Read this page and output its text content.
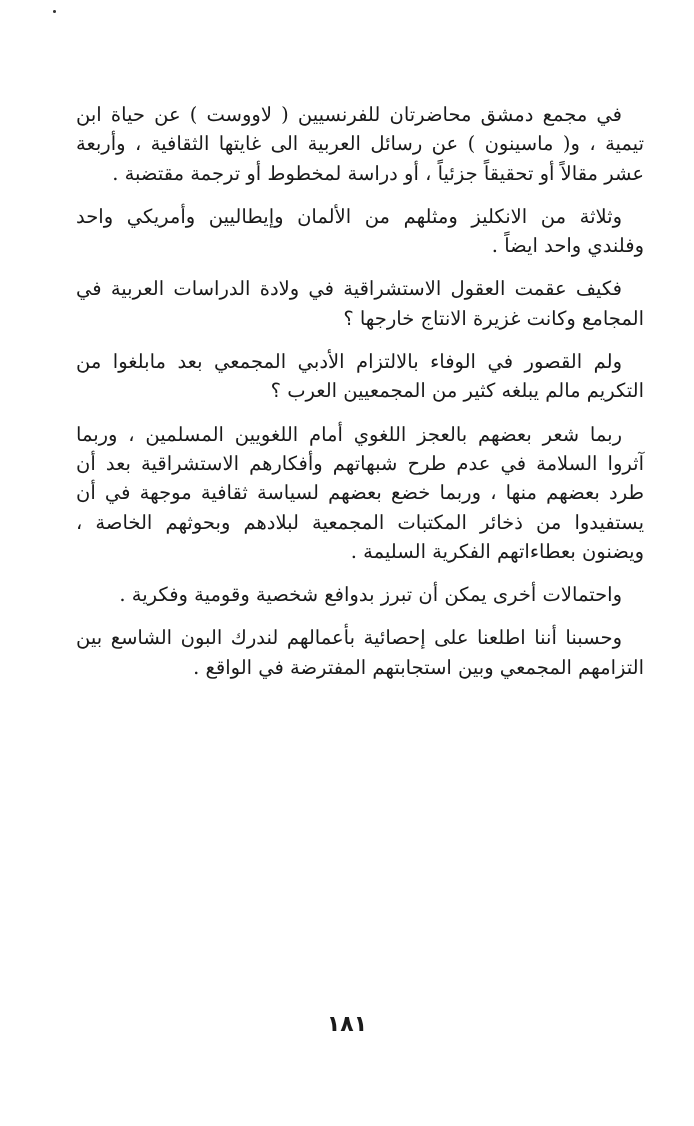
في مجمع دمشق محاضرتان للفرنسيين ( لاووست ) عن حياة ابن تيمية ، و( ماسينون ) عن رسائل العربية الى غايتها الثقافية ، وأربعة عشر مقالاً أو تحقيقاً جزئياً ، أو دراسة لمخطوط أو ترجمة مقتضبة .

وثلاثة من الانكليز ومثلهم من الألمان وإيطاليين وأمريكي واحد وفلندي واحد ايضاً .

فكيف عقمت العقول الاستشراقية في ولادة الدراسات العربية في المجامع وكانت غزيرة الانتاج خارجها ؟

ولم القصور في الوفاء بالالتزام الأدبي المجمعي بعد مابلغوا من التكريم مالم يبلغه كثير من المجمعيين العرب ؟

ربما شعر بعضهم بالعجز اللغوي أمام اللغويين المسلمين ، وربما آثروا السلامة في عدم طرح شبهاتهم وأفكارهم الاستشراقية بعد أن طرد بعضهم منها ، وربما خضع بعضهم لسياسة ثقافية موجهة في أن يستفيدوا من ذخائر المكتبات المجمعية لبلادهم وبحوثهم الخاصة ، ويضنون بعطاءاتهم الفكرية السليمة .

واحتمالات أخرى يمكن أن تبرز بدوافع شخصية وقومية وفكرية .

وحسبنا أننا اطلعنا على إحصائية بأعمالهم لندرك البون الشاسع بين التزامهم المجمعي وبين استجابتهم المفترضة في الواقع .

١٨١
